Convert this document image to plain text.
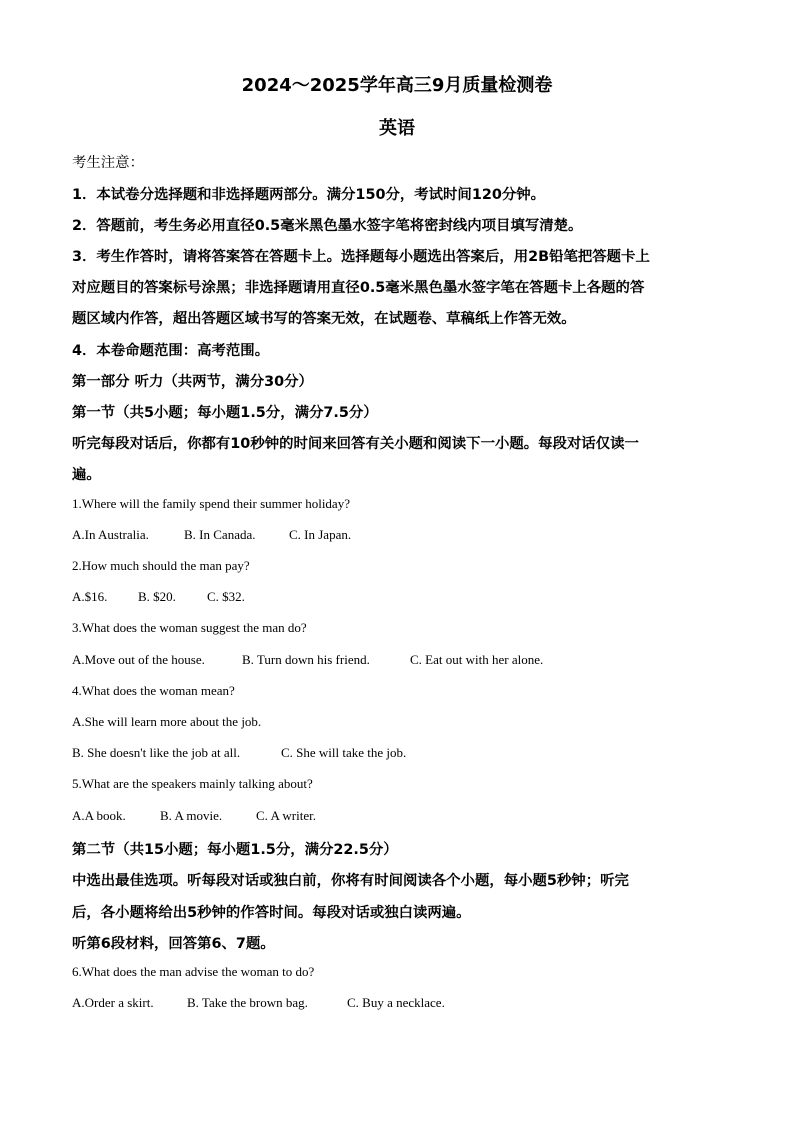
2024～2025学年高三9月质量检测卷
英语
考生注意：
1．本试卷分选择题和非选择题两部分。满分150分，考试时间120分钟。
2．答题前，考生务必用直径0.5毫米黑色墨水签字笔将密封线内项目填写清楚。
3．考生作答时，请将答案答在答题卡上。选择题每小题选出答案后，用2B铅笔把答题卡上
对应题目的答案标号涂黑；非选择题请用直径0.5毫米黑色墨水签字笔在答题卡上各题的答
题区域内作答，超出答题区域书写的答案无效，在试题卷、草稿纸上作答无效。
4．本卷命题范围：高考范围。
第一部分 听力（共两节，满分30分）
第一节（共5小题；每小题1.5分，满分7.5分）
听完每段对话后，你都有10秒钟的时间来回答有关小题和阅读下一小题。每段对话仅读一
遍。
1.Where will the family spend their summer holiday?
A.In Australia.	B. In Canada.	C. In Japan.
2.How much should the man pay?
A.$16. B. $20. C. $32.
3.What does the woman suggest the man do?
A.Move out of the house.	B. Turn down his friend.	C. Eat out with her alone.
4.What does the woman mean?
A.She will learn more about the job.
B. She doesn't like the job at all.	C. She will take the job.
5.What are the speakers mainly talking about?
A.A book.	B. A movie.	C. A writer.
第二节（共15小题；每小题1.5分，满分22.5分）
中选出最佳选项。听每段对话或独白前，你将有时间阅读各个小题，每小题5秒钟；听完
后，各小题将给出5秒钟的作答时间。每段对话或独白读两遍。
听第6段材料，回答第6、7题。
6.What does the man advise the woman to do?
A.Order a skirt.	B. Take the brown bag.	C. Buy a necklace.
